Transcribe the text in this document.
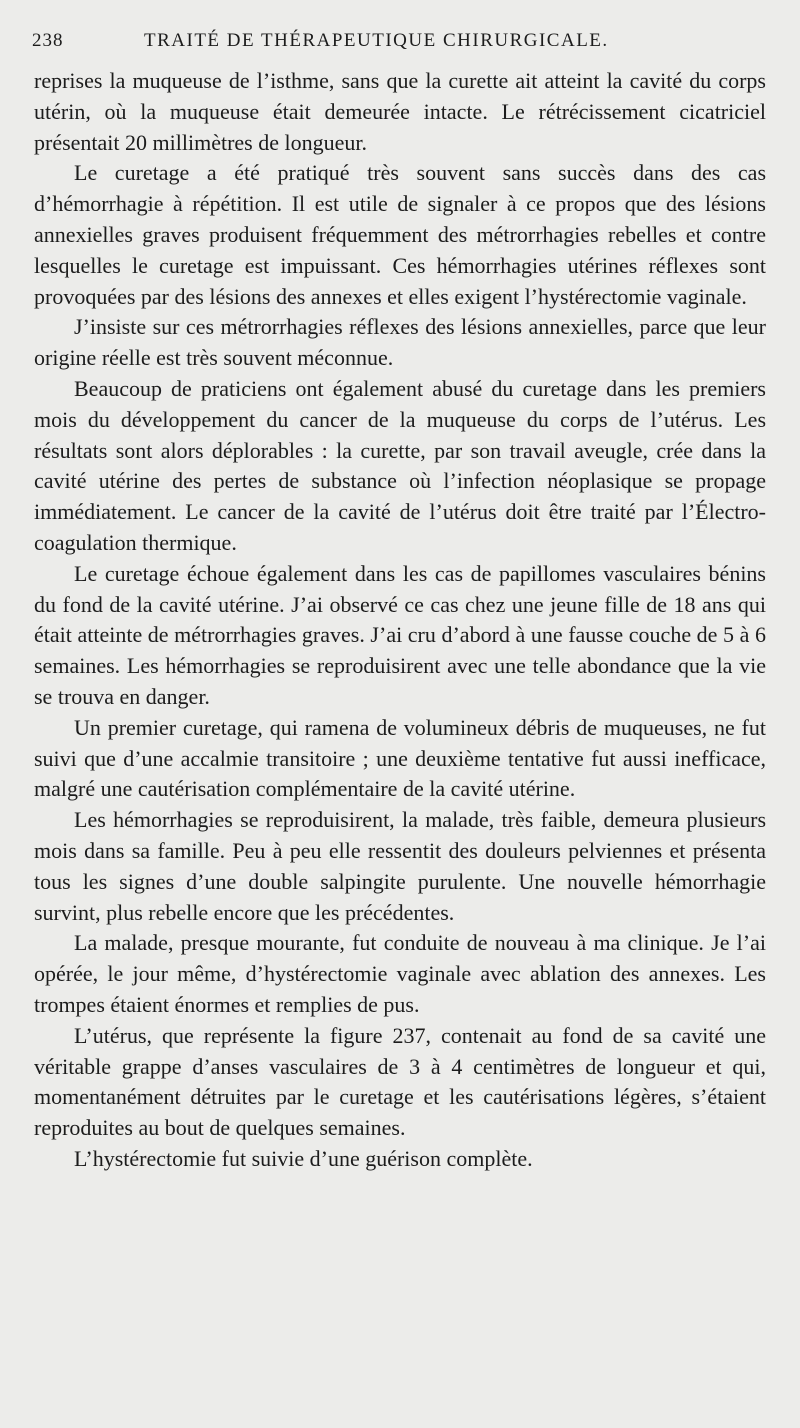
238	TRAITÉ DE THÉRAPEUTIQUE CHIRURGICALE.

reprises la muqueuse de l’isthme, sans que la curette ait atteint la cavité du corps utérin, où la muqueuse était demeurée intacte. Le rétrécissement cicatriciel présentait 20 millimètres de longueur.

Le curetage a été pratiqué très souvent sans succès dans des cas d’hémorrhagie à répétition. Il est utile de signaler à ce propos que des lésions annexielles graves produisent fréquemment des métrorrhagies rebelles et contre lesquelles le curetage est impuissant. Ces hémorrhagies utérines réflexes sont provoquées par des lésions des annexes et elles exigent l’hystérectomie vaginale.

J’insiste sur ces métrorrhagies réflexes des lésions annexielles, parce que leur origine réelle est très souvent méconnue.

Beaucoup de praticiens ont également abusé du curetage dans les premiers mois du développement du cancer de la muqueuse du corps de l’utérus. Les résultats sont alors déplorables : la curette, par son travail aveugle, crée dans la cavité utérine des pertes de substance où l’infection néoplasique se propage immédiatement. Le cancer de la cavité de l’utérus doit être traité par l’Électro-coagulation thermique.

Le curetage échoue également dans les cas de papillomes vasculaires bénins du fond de la cavité utérine. J’ai observé ce cas chez une jeune fille de 18 ans qui était atteinte de métrorrhagies graves. J’ai cru d’abord à une fausse couche de 5 à 6 semaines. Les hémorrhagies se reproduisirent avec une telle abondance que la vie se trouva en danger.

Un premier curetage, qui ramena de volumineux débris de muqueuses, ne fut suivi que d’une accalmie transitoire ; une deuxième tentative fut aussi inefficace, malgré une cautérisation complémentaire de la cavité utérine.

Les hémorrhagies se reproduisirent, la malade, très faible, demeura plusieurs mois dans sa famille. Peu à peu elle ressentit des douleurs pelviennes et présenta tous les signes d’une double salpingite purulente. Une nouvelle hémorrhagie survint, plus rebelle encore que les précédentes.

La malade, presque mourante, fut conduite de nouveau à ma clinique. Je l’ai opérée, le jour même, d’hystérectomie vaginale avec ablation des annexes. Les trompes étaient énormes et remplies de pus.

L’utérus, que représente la figure 237, contenait au fond de sa cavité une véritable grappe d’anses vasculaires de 3 à 4 centimètres de longueur et qui, momentanément détruites par le curetage et les cautérisations légères, s’étaient reproduites au bout de quelques semaines.

L’hystérectomie fut suivie d’une guérison complète.
